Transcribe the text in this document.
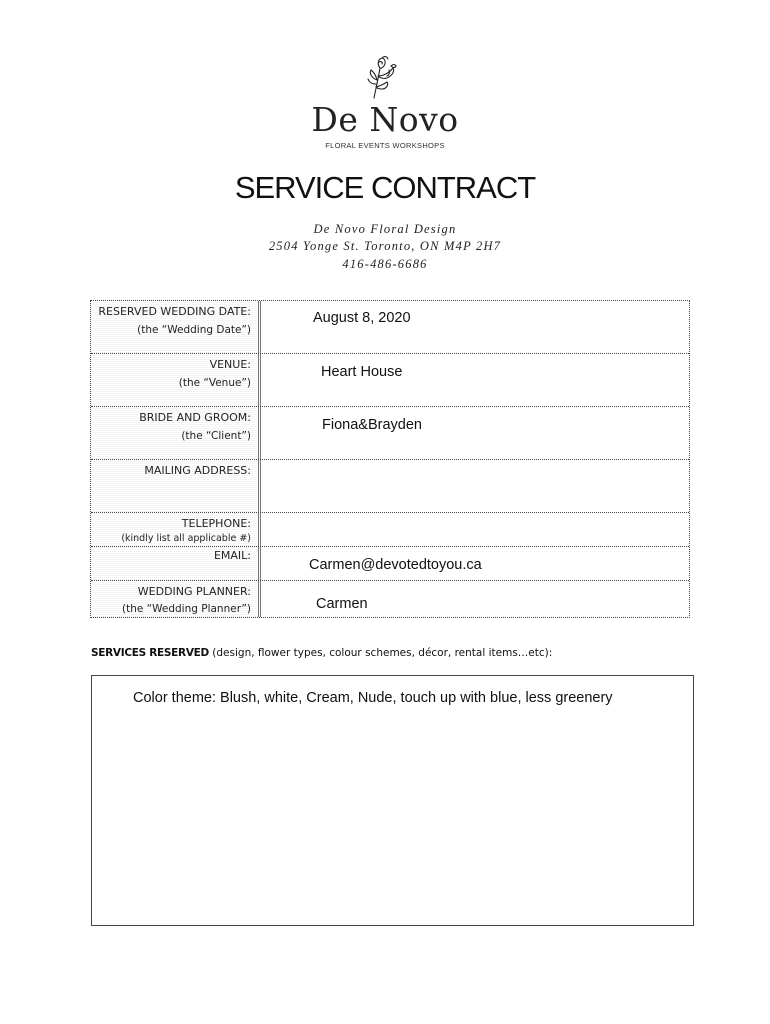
De Novo
FLORAL EVENTS WORKSHOPS
SERVICE CONTRACT
De Novo Floral Design
2504 Yonge St. Toronto, ON M4P 2H7
416-486-6686
RESERVED WEDDING DATE:
(the “Wedding Date”)
August 8, 2020
VENUE:
(the “Venue”)
Heart House
BRIDE AND GROOM:
(the “Client”)
Fiona&Brayden
MAILING ADDRESS:
TELEPHONE:
(kindly list all applicable #)
EMAIL:
Carmen@devotedtoyou.ca
WEDDING PLANNER:
(the “Wedding Planner”)	Carmen
SERVICES RESERVED (design, flower types, colour schemes, décor, rental items…etc):
Color theme: Blush, white, Cream, Nude, touch up with blue, less greenery
